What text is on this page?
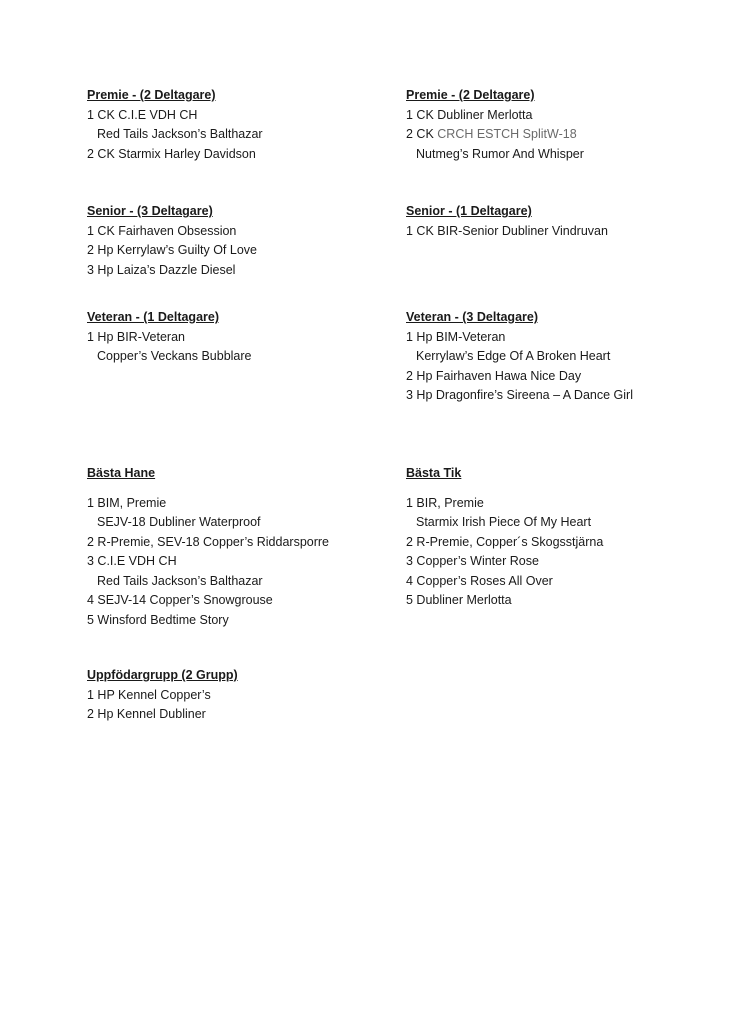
Premie - (2 Deltagare)
1 CK C.I.E VDH CH
Red Tails Jackson’s Balthazar
2 CK Starmix Harley Davidson
Senior - (3 Deltagare)
1 CK Fairhaven Obsession
2 Hp Kerrylaw’s Guilty Of Love
3 Hp Laiza’s Dazzle Diesel
Veteran - (1 Deltagare)
1 Hp BIR-Veteran
Copper’s Veckans Bubblare
Bästa Hane
1 BIM, Premie
SEJV-18 Dubliner Waterproof
2 R-Premie, SEV-18 Copper’s Riddarsporre
3 C.I.E VDH CH
Red Tails Jackson’s Balthazar
4 SEJV-14 Copper’s Snowgrouse
5 Winsford Bedtime Story
Uppfödargrupp (2 Grupp)
1 HP Kennel Copper’s
2 Hp Kennel Dubliner
Premie - (2 Deltagare)
1 CK Dubliner Merlotta
2 CK CRCH ESTCH SplitW-18
Nutmeg’s Rumor And Whisper
Senior - (1 Deltagare)
1 CK BIR-Senior Dubliner Vindruvan
Veteran - (3 Deltagare)
1 Hp BIM-Veteran
Kerrylaw’s Edge Of A Broken Heart
2 Hp Fairhaven Hawa Nice Day
3 Hp Dragonfire’s Sireena – A Dance Girl
Bästa Tik
1 BIR, Premie
Starmix Irish Piece Of My Heart
2 R-Premie, Copper´s Skogsstjärna
3 Copper’s Winter Rose
4 Copper’s Roses All Over
5 Dubliner Merlotta
